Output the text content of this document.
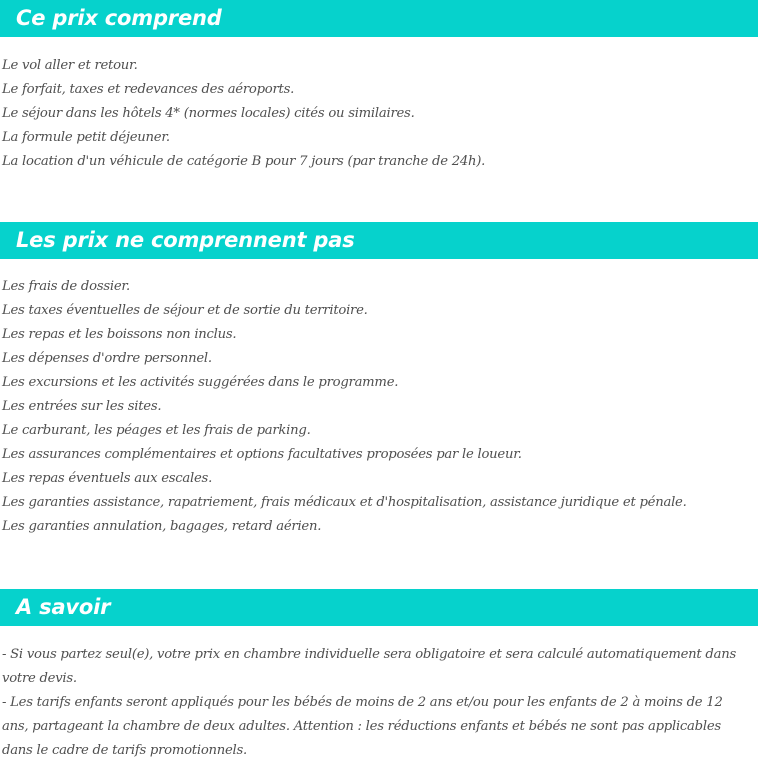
Ce prix comprend
Le vol aller et retour.
Le forfait, taxes et redevances des aéroports.
Le séjour dans les hôtels 4* (normes locales) cités ou similaires.
La formule petit déjeuner.
La location d'un véhicule de catégorie B pour 7 jours (par tranche de 24h).
Les prix ne comprennent pas
Les frais de dossier.
Les taxes éventuelles de séjour et de sortie du territoire.
Les repas et les boissons non inclus.
Les dépenses d'ordre personnel.
Les excursions et les activités suggérées dans le programme.
Les entrées sur les sites.
Le carburant, les péages et les frais de parking.
Les assurances complémentaires et options facultatives proposées par le loueur.
Les repas éventuels aux escales.
Les garanties assistance, rapatriement, frais médicaux et d'hospitalisation, assistance juridique et pénale.
Les garanties annulation, bagages, retard aérien.
A savoir

- Si vous partez seul(e), votre prix en chambre individuelle sera obligatoire et sera calculé automatiquement dans votre devis.

- Les tarifs enfants seront appliqués pour les bébés de moins de 2 ans et/ou pour les enfants de 2 à moins de 12 ans, partageant la chambre de deux adultes. Attention : les réductions enfants et bébés ne sont pas applicables dans le cadre de tarifs promotionnels.
